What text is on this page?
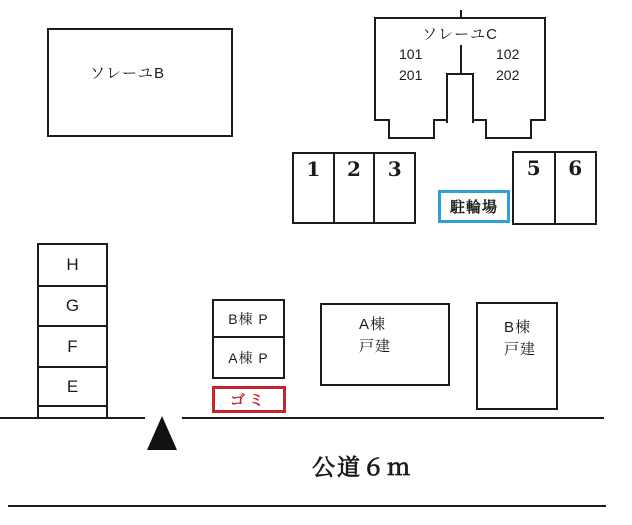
ソレーユB
ソレーユC
101
201
102
202
1	2	3	5	6
駐輪場
H
G
F
E
B棟 P
A棟 P
ゴミ
A棟
戸建
B棟
戸建
公道６ｍ
